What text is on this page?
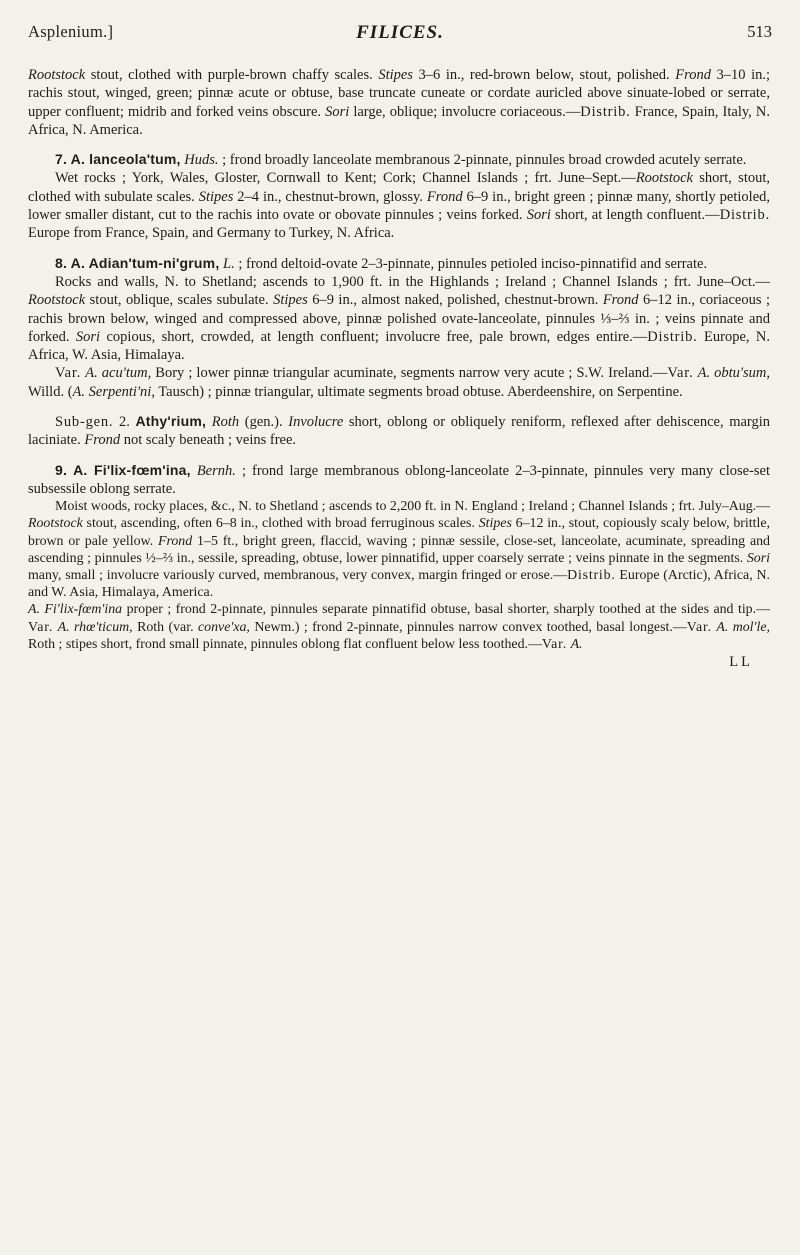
Asplenium.]	FILICES.	513

Rootstock stout, clothed with purple-brown chaffy scales. Stipes 3–6 in., red-brown below, stout, polished. Frond 3–10 in.; rachis stout, winged, green; pinnæ acute or obtuse, base truncate cuneate or cordate auricled above sinuate-lobed or serrate, upper confluent; midrib and forked veins obscure. Sori large, oblique; involucre coriaceous.—Distrib. France, Spain, Italy, N. Africa, N. America.

7. A. lanceola'tum, Huds. ; frond broadly lanceolate membranous 2-pinnate, pinnules broad crowded acutely serrate.

Wet rocks ; York, Wales, Gloster, Cornwall to Kent; Cork; Channel Islands ; frt. June–Sept.—Rootstock short, stout, clothed with subulate scales. Stipes 2–4 in., chestnut-brown, glossy. Frond 6–9 in., bright green ; pinnæ many, shortly petioled, lower smaller distant, cut to the rachis into ovate or obovate pinnules ; veins forked. Sori short, at length confluent.—Distrib. Europe from France, Spain, and Germany to Turkey, N. Africa.

8. A. Adian'tum-ni'grum, L. ; frond deltoid-ovate 2–3-pinnate, pinnules petioled inciso-pinnatifid and serrate.

Rocks and walls, N. to Shetland; ascends to 1,900 ft. in the Highlands ; Ireland ; Channel Islands ; frt. June–Oct.—Rootstock stout, oblique, scales subulate. Stipes 6–9 in., almost naked, polished, chestnut-brown. Frond 6–12 in., coriaceous ; rachis brown below, winged and compressed above, pinnæ polished ovate-lanceolate, pinnules ⅓–⅔ in. ; veins pinnate and forked. Sori copious, short, crowded, at length confluent; involucre free, pale brown, edges entire.—Distrib. Europe, N. Africa, W. Asia, Himalaya.

Var. A. acu'tum, Bory ; lower pinnæ triangular acuminate, segments narrow very acute ; S.W. Ireland.—Var. A. obtu'sum, Willd. (A. Serpenti'ni, Tausch) ; pinnæ triangular, ultimate segments broad obtuse. Aberdeenshire, on Serpentine.

Sub-gen. 2. Athy'rium, Roth (gen.). Involucre short, oblong or obliquely reniform, reflexed after dehiscence, margin laciniate. Frond not scaly beneath ; veins free.

9. A. Fi'lix-fœm'ina, Bernh. ; frond large membranous oblong-lanceolate 2–3-pinnate, pinnules very many close-set subsessile oblong serrate.

Moist woods, rocky places, &c., N. to Shetland ; ascends to 2,200 ft. in N. England ; Ireland ; Channel Islands ; frt. July–Aug.—Rootstock stout, ascending, often 6–8 in., clothed with broad ferruginous scales. Stipes 6–12 in., stout, copiously scaly below, brittle, brown or pale yellow. Frond 1–5 ft., bright green, flaccid, waving ; pinnæ sessile, close-set, lanceolate, acuminate, spreading and ascending ; pinnules ½–⅔ in., sessile, spreading, obtuse, lower pinnatifid, upper coarsely serrate ; veins pinnate in the segments. Sori many, small ; involucre variously curved, membranous, very convex, margin fringed or erose.—Distrib. Europe (Arctic), Africa, N. and W. Asia, Himalaya, America.

A. Fi'lix-fœm'ina proper ; frond 2-pinnate, pinnules separate pinnatifid obtuse, basal shorter, sharply toothed at the sides and tip.—Var. A. rhœ'ticum, Roth (var. conve'xa, Newm.) ; frond 2-pinnate, pinnules narrow convex toothed, basal longest.—Var. A. mol'le, Roth ; stipes short, frond small pinnate, pinnules oblong flat confluent below less toothed.—Var. A.

L L
